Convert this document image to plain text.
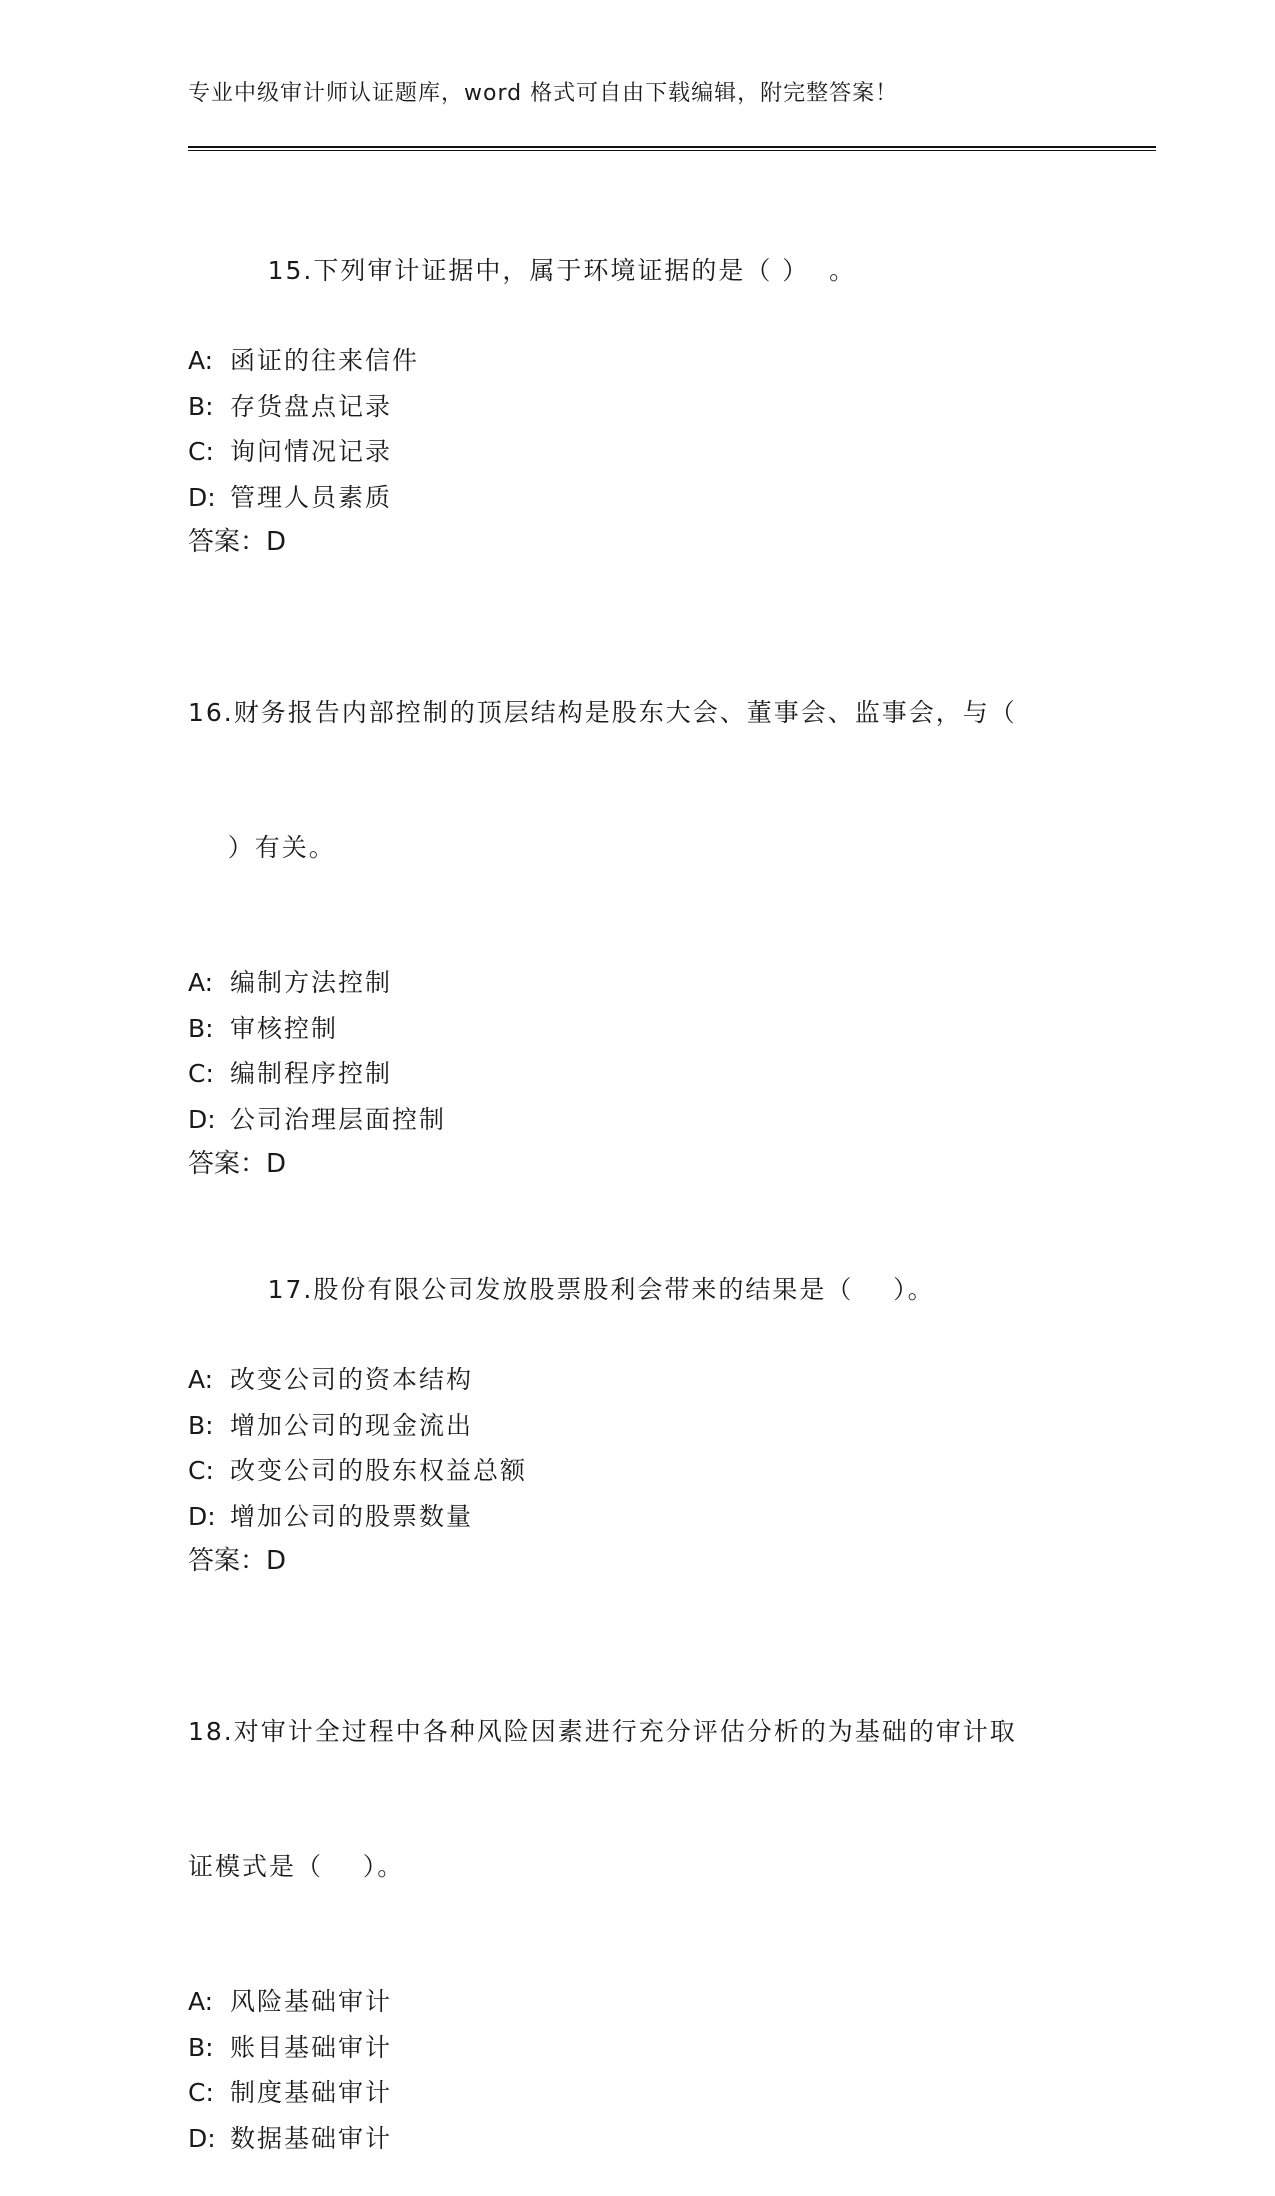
专业中级审计师认证题库，word 格式可自由下载编辑，附完整答案！

15.下列审计证据中，属于环境证据的是（ ）  。

A: 函证的往来信件
B: 存货盘点记录
C: 询问情况记录
D: 管理人员素质
答案：D

16.财务报告内部控制的顶层结构是股东大会、董事会、监事会，与（

）有关。

A: 编制方法控制
B: 审核控制
C: 编制程序控制
D: 公司治理层面控制
答案：D

17.股份有限公司发放股票股利会带来的结果是（    ）。

A: 改变公司的资本结构
B: 增加公司的现金流出
C: 改变公司的股东权益总额
D: 增加公司的股票数量
答案：D

18.对审计全过程中各种风险因素进行充分评估分析的为基础的审计取

证模式是（    ）。

A: 风险基础审计
B: 账目基础审计
C: 制度基础审计
D: 数据基础审计
